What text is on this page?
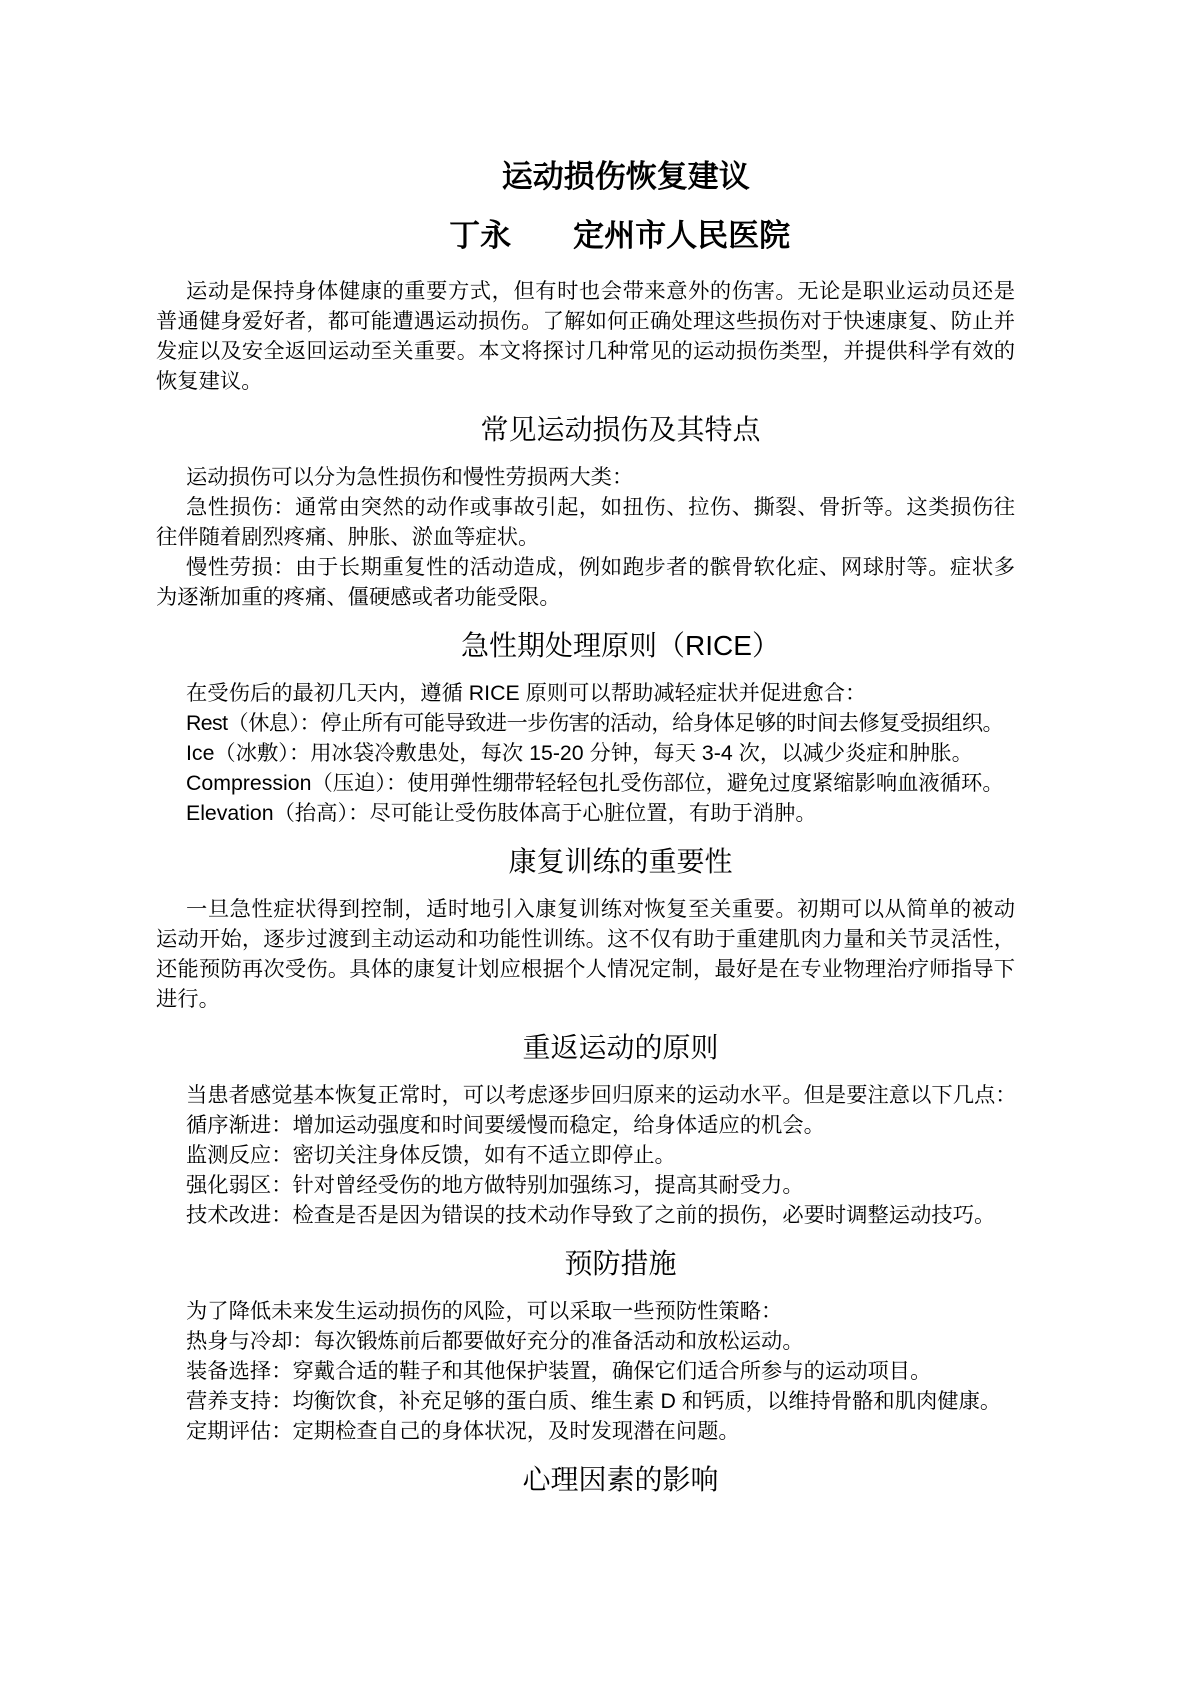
运动损伤恢复建议
丁永　　定州市人民医院

运动是保持身体健康的重要方式，但有时也会带来意外的伤害。无论是职业运动员还是普通健身爱好者，都可能遭遇运动损伤。了解如何正确处理这些损伤对于快速康复、防止并发症以及安全返回运动至关重要。本文将探讨几种常见的运动损伤类型，并提供科学有效的恢复建议。

常见运动损伤及其特点

运动损伤可以分为急性损伤和慢性劳损两大类：

急性损伤：通常由突然的动作或事故引起，如扭伤、拉伤、撕裂、骨折等。这类损伤往往伴随着剧烈疼痛、肿胀、淤血等症状。

慢性劳损：由于长期重复性的活动造成，例如跑步者的髌骨软化症、网球肘等。症状多为逐渐加重的疼痛、僵硬感或者功能受限。

急性期处理原则（RICE）

在受伤后的最初几天内，遵循 RICE 原则可以帮助减轻症状并促进愈合：

Rest（休息）：停止所有可能导致进一步伤害的活动，给身体足够的时间去修复受损组织。

Ice（冰敷）：用冰袋冷敷患处，每次 15-20 分钟，每天 3-4 次，以减少炎症和肿胀。

Compression（压迫）：使用弹性绷带轻轻包扎受伤部位，避免过度紧缩影响血液循环。

Elevation（抬高）：尽可能让受伤肢体高于心脏位置，有助于消肿。

康复训练的重要性

一旦急性症状得到控制，适时地引入康复训练对恢复至关重要。初期可以从简单的被动运动开始，逐步过渡到主动运动和功能性训练。这不仅有助于重建肌肉力量和关节灵活性，还能预防再次受伤。具体的康复计划应根据个人情况定制，最好是在专业物理治疗师指导下进行。

重返运动的原则

当患者感觉基本恢复正常时，可以考虑逐步回归原来的运动水平。但是要注意以下几点：

循序渐进：增加运动强度和时间要缓慢而稳定，给身体适应的机会。

监测反应：密切关注身体反馈，如有不适立即停止。

强化弱区：针对曾经受伤的地方做特别加强练习，提高其耐受力。

技术改进：检查是否是因为错误的技术动作导致了之前的损伤，必要时调整运动技巧。

预防措施

为了降低未来发生运动损伤的风险，可以采取一些预防性策略：

热身与冷却：每次锻炼前后都要做好充分的准备活动和放松运动。

装备选择：穿戴合适的鞋子和其他保护装置，确保它们适合所参与的运动项目。

营养支持：均衡饮食，补充足够的蛋白质、维生素 D 和钙质，以维持骨骼和肌肉健康。

定期评估：定期检查自己的身体状况，及时发现潜在问题。

心理因素的影响
